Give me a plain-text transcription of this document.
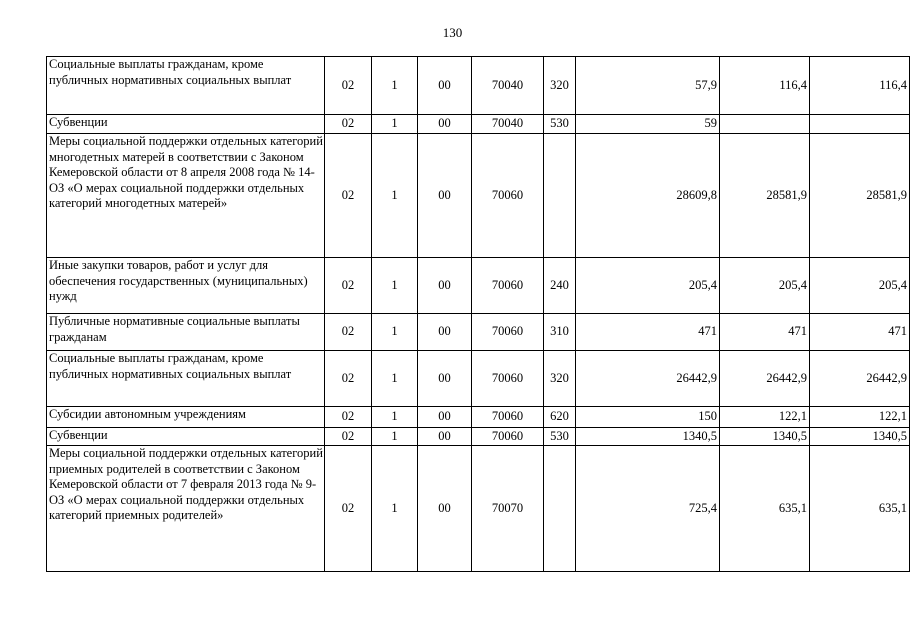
130
Социальные выплаты гражданам, кроме публичных нормативных социальных выплат	02	1	00	70040	320	57,9	116,4	116,4
Субвенции	02	1	00	70040	530	59		
Меры социальной поддержки отдельных категорий многодетных матерей в соответствии с Законом Кемеровской области от 8 апреля 2008 года № 14-ОЗ «О мерах социальной поддержки отдельных категорий многодетных матерей»	02	1	00	70060		28609,8	28581,9	28581,9
Иные закупки товаров, работ и услуг для обеспечения государственных (муниципальных) нужд	02	1	00	70060	240	205,4	205,4	205,4
Публичные нормативные социальные выплаты гражданам	02	1	00	70060	310	471	471	471
Социальные выплаты гражданам, кроме публичных нормативных социальных выплат	02	1	00	70060	320	26442,9	26442,9	26442,9
Субсидии автономным учреждениям	02	1	00	70060	620	150	122,1	122,1
Субвенции	02	1	00	70060	530	1340,5	1340,5	1340,5
Меры социальной поддержки отдельных категорий приемных родителей в соответствии с Законом Кемеровской области от 7 февраля 2013 года № 9-ОЗ «О мерах социальной поддержки отдельных категорий приемных родителей»	02	1	00	70070		725,4	635,1	635,1
